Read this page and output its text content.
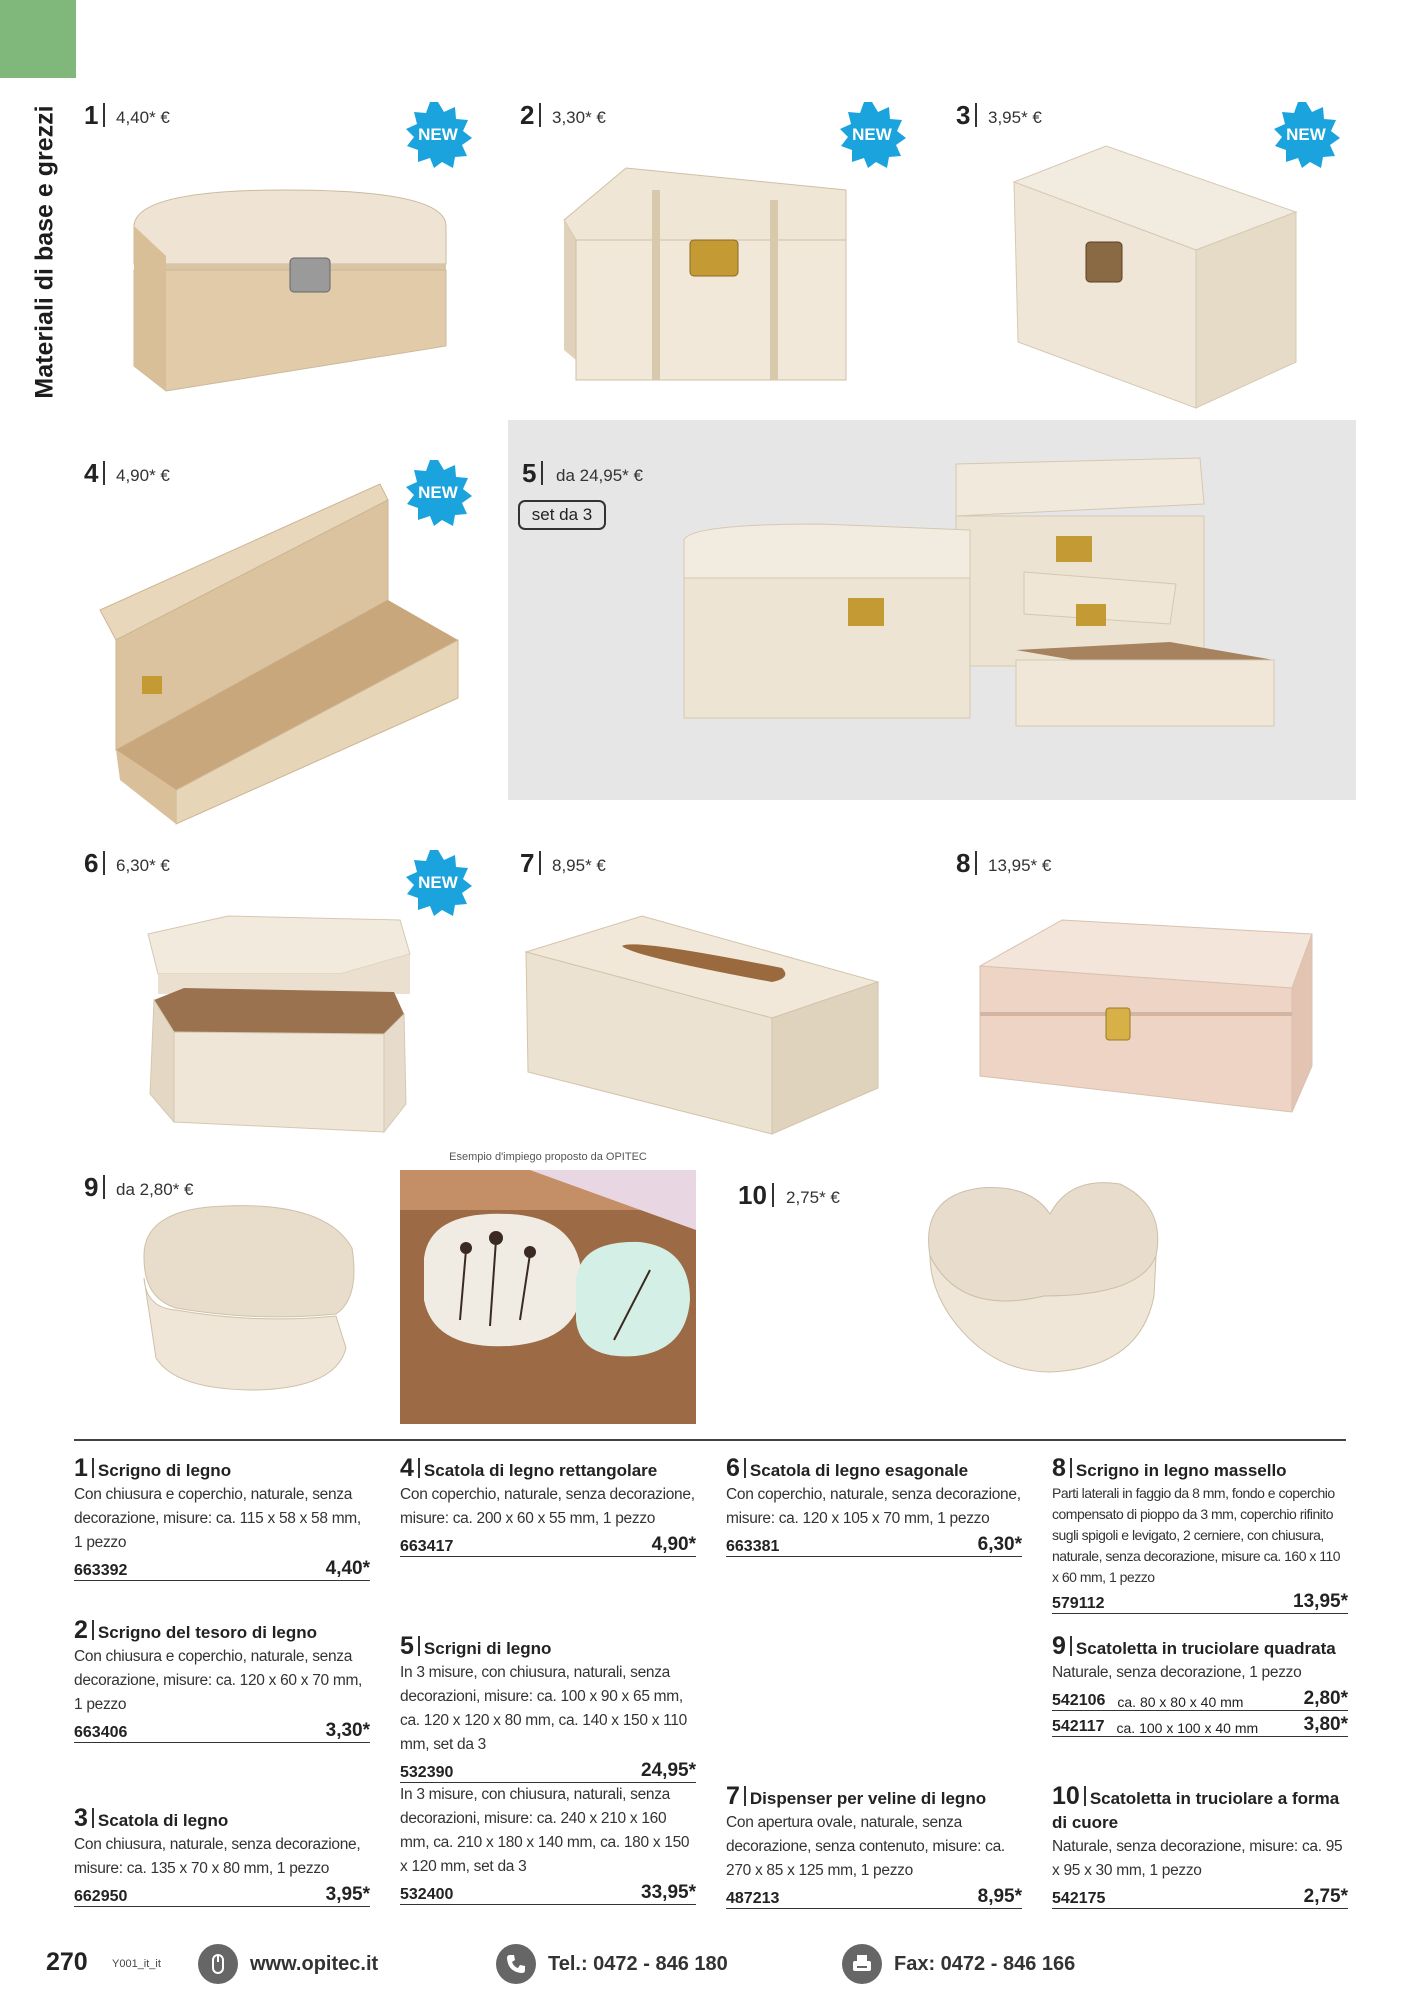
Materiali di base e grezzi 1	4,40* €	2	3,30* €	3	3,95* €
4	4,90* €	5	da 24,95* €
set da 3
6	6,30* €	7	8,95* €	8	13,95* €
9	da 2,80* €	10	2,75* €
NEW	NEW	NEW
NEW
NEW
Esempio d'impiego proposto da OPITEC
1 Scrigno di legno
Con chiusura e coperchio, naturale, senza decorazione, misure: ca. 115 x 58 x 58 mm, 1 pezzo
663392	4,40*
2 Scrigno del tesoro di legno
Con chiusura e coperchio, naturale, senza decorazione, misure: ca. 120 x 60 x 70 mm, 1 pezzo
663406	3,30*
3 Scatola di legno
Con chiusura, naturale, senza decorazione, misure: ca. 135 x 70 x 80 mm, 1 pezzo
662950	3,95*
4 Scatola di legno rettangolare
Con coperchio, naturale, senza decorazione, misure: ca. 200 x 60 x 55 mm, 1 pezzo
663417	4,90*
5 Scrigni di legno
In 3 misure, con chiusura, naturali, senza decorazioni, misure: ca. 100 x 90 x 65 mm, ca. 120 x 120 x 80 mm, ca. 140 x 150 x 110 mm, set da 3
532390	24,95*
In 3 misure, con chiusura, naturali, senza decorazioni, misure: ca. 240 x 210 x 160 mm, ca. 210 x 180 x 140 mm, ca. 180 x 150 x 120 mm, set da 3
532400	33,95*
6 Scatola di legno esagonale
Con coperchio, naturale, senza decorazione, misure: ca. 120 x 105 x 70 mm, 1 pezzo
663381	6,30*
7 Dispenser per veline di legno
Con apertura ovale, naturale, senza decorazione, senza contenuto, misure: ca. 270 x 85 x 125 mm, 1 pezzo
487213	8,95*
8 Scrigno in legno massello
Parti laterali in faggio da 8 mm, fondo e coperchio compensato di pioppo da 3 mm, coperchio rifinito sugli spigoli e levigato, 2 cerniere, con chiusura, naturale, senza decorazione, misure ca. 160 x 110 x 60 mm, 1 pezzo
579112	13,95*
9 Scatoletta in truciolare quadrata
Naturale, senza decorazione, 1 pezzo
542106 ca. 80 x 80 x 40 mm	2,80*
542117 ca. 100 x 100 x 40 mm	3,80*
10 Scatoletta in truciolare a forma di cuore
Naturale, senza decorazione, misure: ca. 95 x 95 x 30 mm, 1 pezzo
542175	2,75*
270 Y001_it_it	www.opitec.it	Tel.: 0472 - 846 180	Fax: 0472 - 846 166
